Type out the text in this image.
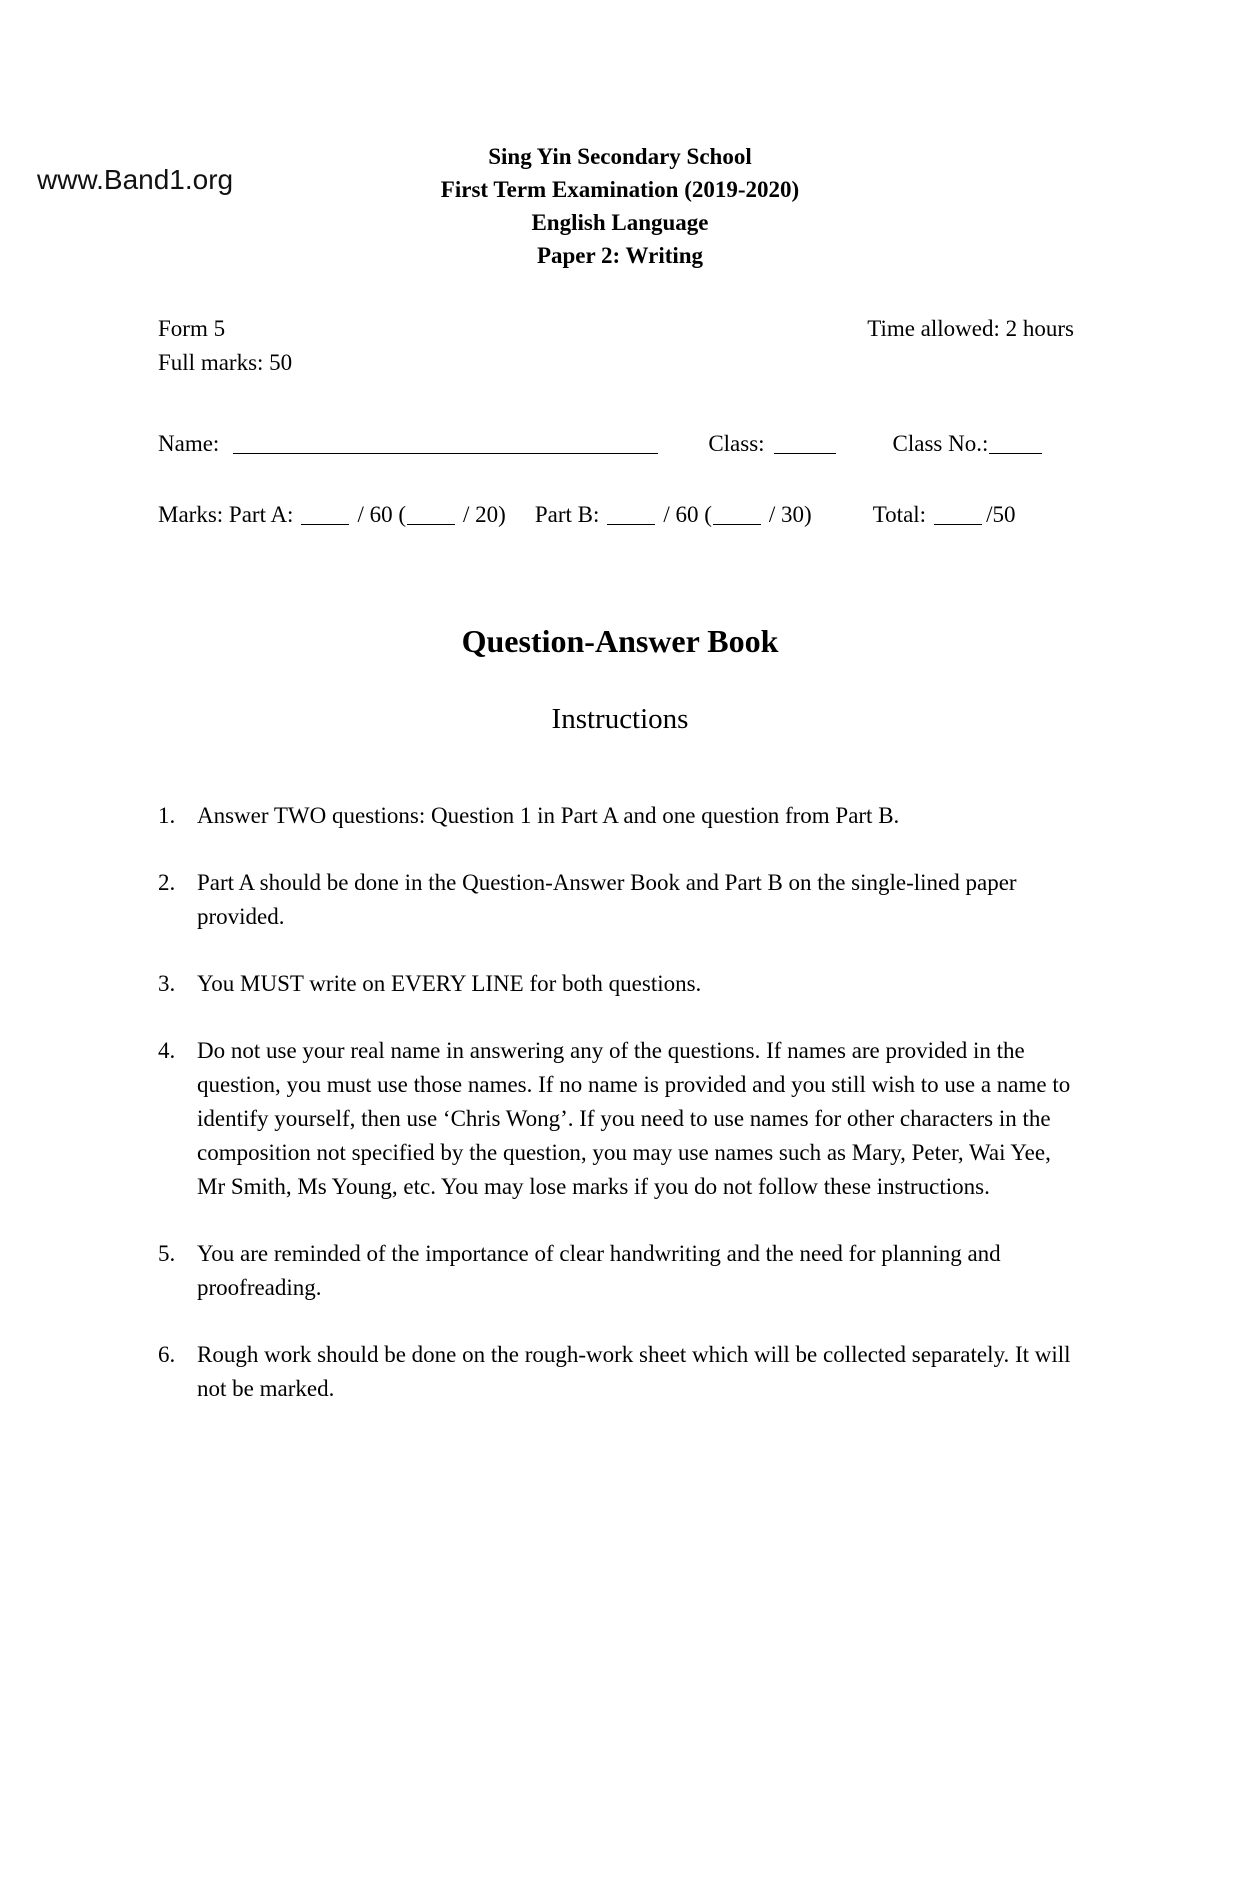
www.Band1.org
Sing Yin Secondary School
First Term Examination (2019-2020)
English Language
Paper 2: Writing
Form 5	Time allowed: 2 hours
Full marks: 50
Name:	Class:	Class No.:
Marks: Part A:	/ 60 ( / 20) Part B:	/ 60 ( / 30)	Total:	/50
Question-Answer Book
Instructions
1. Answer TWO questions: Question 1 in Part A and one question from Part B.
2. Part A should be done in the Question-Answer Book and Part B on the single-lined paper provided.
3. You MUST write on EVERY LINE for both questions.
4. Do not use your real name in answering any of the questions. If names are provided in the question, you must use those names. If no name is provided and you still wish to use a name to identify yourself, then use ‘Chris Wong’. If you need to use names for other characters in the composition not specified by the question, you may use names such as Mary, Peter, Wai Yee, Mr Smith, Ms Young, etc. You may lose marks if you do not follow these instructions.
5. You are reminded of the importance of clear handwriting and the need for planning and proofreading.
6. Rough work should be done on the rough-work sheet which will be collected separately. It will not be marked.
